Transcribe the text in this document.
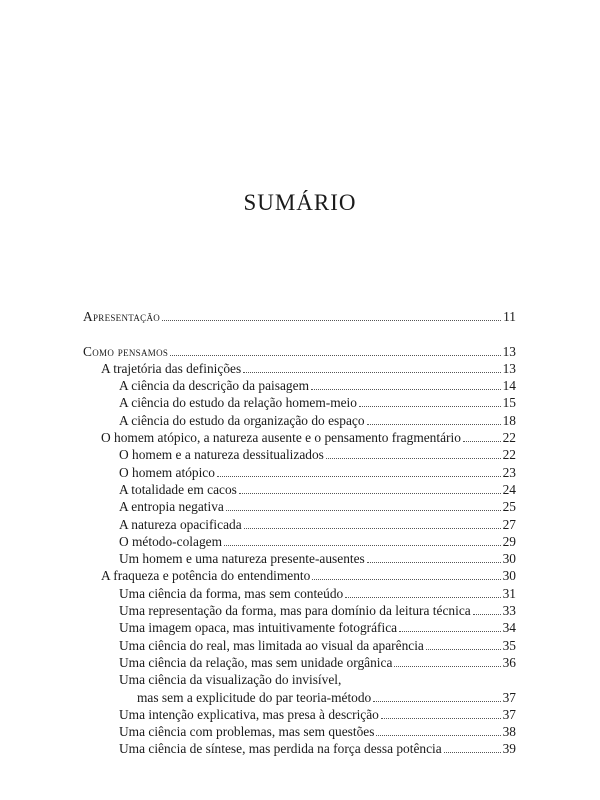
SUMÁRIO
Apresentação	11
Como pensamos	13
A trajetória das definições	13
A ciência da descrição da paisagem	14
A ciência do estudo da relação homem-meio	15
A ciência do estudo da organização do espaço	18
O homem atópico, a natureza ausente e o pensamento fragmentário	22
O homem e a natureza dessitualizados	22
O homem atópico	23
A totalidade em cacos	24
A entropia negativa	25
A natureza opacificada	27
O método-colagem	29
Um homem e uma natureza presente-ausentes	30
A fraqueza e potência do entendimento	30
Uma ciência da forma, mas sem conteúdo	31
Uma representação da forma, mas para domínio da leitura técnica 33
Uma imagem opaca, mas intuitivamente fotográfica	34
Uma ciência do real, mas limitada ao visual da aparência	35
Uma ciência da relação, mas sem unidade orgânica	36
Uma ciência da visualização do invisível,
mas sem a explicitude do par teoria-método	37
Uma intenção explicativa, mas presa à descrição	37
Uma ciência com problemas, mas sem questões	38
Uma ciência de síntese, mas perdida na força dessa potência	39
